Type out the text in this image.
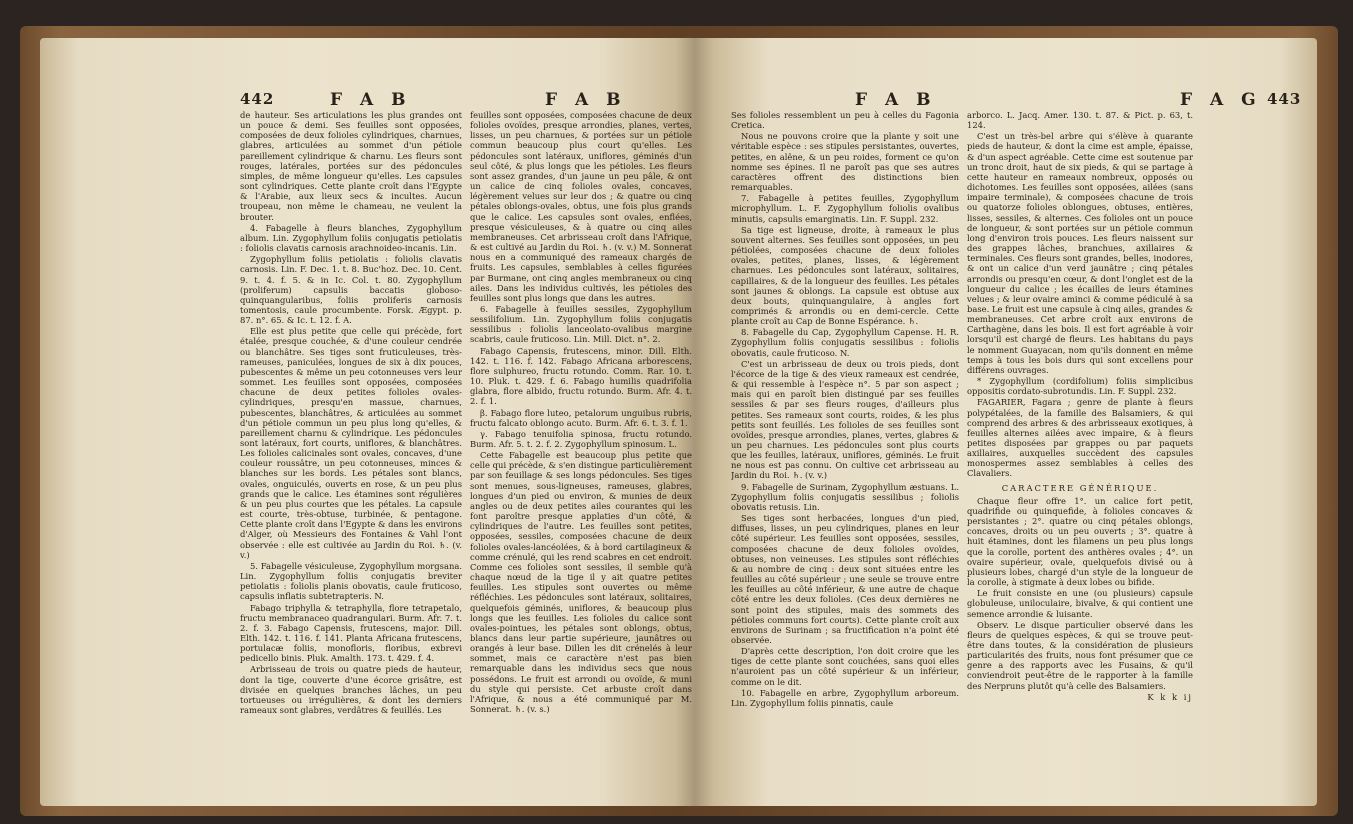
442	F A B	F A B

de hauteur. Ses articulations les plus grandes ont un pouce & demi. Ses feuilles sont opposées, composées de deux folioles cylindriques, charnues, glabres, articulées au sommet d'un pétiole pareillement cylindrique & charnu. Les fleurs sont rouges, latérales, portées sur des pédoncules simples, de même longueur qu'elles. Les capsules sont cylindriques. Cette plante croît dans l'Egypte & l'Arabie, aux lieux secs & incultes. Aucun troupeau, non même le chameau, ne veulent la brouter.

4. Fabagelle à fleurs blanches, Zygophyllum album. Lin. Zygophyllum foliis conjugatis petiolatis : foliolis clavatis carnosis arachnoideo-incanis. Lin.

Zygophyllum foliis petiolatis : foliolis clavatis carnosis. Lin. F. Dec. 1. t. 8. Buc'hoz. Dec. 10. Cent. 9. t. 4. f. 5. & in Ic. Col. t. 80. Zygophyllum (proliferum) capsulis baccatis globoso-quinquangularibus, foliis proliferis carnosis tomentosis, caule procumbente. Forsk. Ægypt. p. 87. n°. 65. & Ic. t. 12. f. A.

Elle est plus petite que celle qui précède, fort étalée, presque couchée, & d'une couleur cendrée ou blanchâtre. Ses tiges sont fruticuleuses, très-rameuses, paniculées, longues de six à dix pouces, pubescentes & même un peu cotonneuses vers leur sommet. Les feuilles sont opposées, composées chacune de deux petites folioles ovales-cylindriques, presqu'en massue, charnues, pubescentes, blanchâtres, & articulées au sommet d'un pétiole commun un peu plus long qu'elles, & pareillement charnu & cylindrique. Les pédoncules sont latéraux, fort courts, uniflores, & blanchâtres. Les folioles calicinales sont ovales, concaves, d'une couleur roussâtre, un peu cotonneuses, minces & blanches sur les bords. Les pétales sont blancs, ovales, onguiculés, ouverts en rose, & un peu plus grands que le calice. Les étamines sont régulières & un peu plus courtes que les pétales. La capsule est courte, très-obtuse, turbinée, & pentagone. Cette plante croît dans l'Egypte & dans les environs d'Alger, où Messieurs des Fontaines & Vahl l'ont observée : elle est cultivée au Jardin du Roi. ♄. (v. v.)

5. Fabagelle vésiculeuse, Zygophyllum morgsana. Lin. Zygophyllum foliis conjugatis breviter petiolatis : foliolis planis obovatis, caule fruticoso, capsulis inflatis subtetrapteris. N.

Fabago triphylla & tetraphylla, flore tetrapetalo, fructu membranaceo quadrangulari. Burm. Afr. 7. t. 2. f. 3. Fabago Capensis, frutescens, major. Dill. Elth. 142. t. 116. f. 141. Planta Africana frutescens, portulacæ foliis, monofloris, floribus, exbrevi pedicello binis. Pluk. Amalth. 173. t. 429. f. 4.

Arbrisseau de trois ou quatre pieds de hauteur, dont la tige, couverte d'une écorce grisâtre, est divisée en quelques branches lâches, un peu tortueuses ou irrégulières, & dont les derniers rameaux sont glabres, verdâtres & feuillés. Les

feuilles sont opposées, composées chacune de deux folioles ovoïdes, presque arrondies, planes, vertes, lisses, un peu charnues, & portées sur un pétiole commun beaucoup plus court qu'elles. Les pédoncules sont latéraux, uniflores, géminés d'un seul côté, & plus longs que les pétioles. Les fleurs sont assez grandes, d'un jaune un peu pâle, & ont un calice de cinq folioles ovales, concaves, légèrement velues sur leur dos ; & quatre ou cinq pétales oblongs-ovales, obtus, une fois plus grands que le calice. Les capsules sont ovales, enflées, presque vésiculeuses, & à quatre ou cinq ailes membraneuses. Cet arbrisseau croît dans l'Afrique, & est cultivé au Jardin du Roi. ♄. (v. v.) M. Sonnerat nous en a communiqué des rameaux chargés de fruits. Les capsules, semblables à celles figurées par Burmane, ont cinq angles membraneux ou cinq ailes. Dans les individus cultivés, les pétioles des feuilles sont plus longs que dans les autres.

6. Fabagelle à feuilles sessiles, Zygophyllum sessilifolium. Lin. Zygophyllum foliis conjugatis sessilibus : foliolis lanceolato-ovalibus margine scabris, caule fruticoso. Lin. Mill. Dict. n°. 2.

Fabago Capensis, frutescens, minor. Dill. Elth. 142. t. 116. f. 142. Fabago Africana arborescens, flore sulphureo, fructu rotundo. Comm. Rar. 10. t. 10. Pluk. t. 429. f. 6. Fabago humilis quadrifolia glabra, flore albido, fructu rotundo. Burm. Afr. 4. t. 2. f. 1.

β. Fabago flore luteo, petalorum unguibus rubris, fructu falcato oblongo acuto. Burm. Afr. 6. t. 3. f. 1.

γ. Fabago tenuifolia spinosa, fructu rotundo. Burm. Afr. 5. t. 2. f. 2. Zygophyllum spinosum. L.

Cette Fabagelle est beaucoup plus petite que celle qui précède, & s'en distingue particulièrement par son feuillage & ses longs pédoncules. Ses tiges sont menues, sous-ligneuses, rameuses, glabres, longues d'un pied ou environ, & munies de deux angles ou de deux petites ailes courantes qui les font paroître presque applaties d'un côté, & cylindriques de l'autre. Les feuilles sont petites, opposées, sessiles, composées chacune de deux folioles ovales-lancéolées, & à bord cartilagineux & comme crénulé, qui les rend scabres en cet endroit. Comme ces folioles sont sessiles, il semble qu'à chaque nœud de la tige il y ait quatre petites feuilles. Les stipules sont ouvertes ou même réfléchies. Les pédoncules sont latéraux, solitaires, quelquefois géminés, uniflores, & beaucoup plus longs que les feuilles. Les folioles du calice sont ovales-pointues, les pétales sont oblongs, obtus, blancs dans leur partie supérieure, jaunâtres ou orangés à leur base. Dillen les dit crénelés à leur sommet, mais ce caractère n'est pas bien remarquable dans les individus secs que nous possédons. Le fruit est arrondi ou ovoïde, & muni du style qui persiste. Cet arbuste croît dans l'Afrique, & nous a été communiqué par M. Sonnerat. ♄. (v. s.)

F A B	F A G 443

Ses folioles ressemblent un peu à celles du Fagonia Cretica.

Nous ne pouvons croire que la plante y soit une véritable espèce : ses stipules persistantes, ouvertes, petites, en alêne, & un peu roides, forment ce qu'on nomme ses épines. Il ne paroît pas que ses autres caractères offrent des distinctions bien remarquables.

7. Fabagelle à petites feuilles, Zygophyllum microphyllum. L. F. Zygophyllum foliolis ovalibus minutis, capsulis emarginatis. Lin. F. Suppl. 232.

Sa tige est ligneuse, droite, à rameaux le plus souvent alternes. Ses feuilles sont opposées, un peu pétiolées, composées chacune de deux folioles ovales, petites, planes, lisses, & légèrement charnues. Les pédoncules sont latéraux, solitaires, capillaires, & de la longueur des feuilles. Les pétales sont jaunes & oblongs. La capsule est obtuse aux deux bouts, quinquangulaire, à angles fort comprimés & arrondis ou en demi-cercle. Cette plante croît au Cap de Bonne Espérance. ♄.

8. Fabagelle du Cap, Zygophyllum Capense. H. R. Zygophyllum foliis conjugatis sessilibus : foliolis obovatis, caule fruticoso. N.

C'est un arbrisseau de deux ou trois pieds, dont l'écorce de la tige & des vieux rameaux est cendrée, & qui ressemble à l'espèce n°. 5 par son aspect ; mais qui en paroît bien distingué par ses feuilles sessiles & par ses fleurs rouges, d'ailleurs plus petites. Ses rameaux sont courts, roides, & les plus petits sont feuillés. Les folioles de ses feuilles sont ovoïdes, presque arrondies, planes, vertes, glabres & un peu charnues. Les pédoncules sont plus courts que les feuilles, latéraux, uniflores, géminés. Le fruit ne nous est pas connu. On cultive cet arbrisseau au Jardin du Roi. ♄. (v. v.)

9. Fabagelle de Surinam, Zygophyllum æstuans. L. Zygophyllum foliis conjugatis sessilibus ; foliolis obovatis retusis. Lin.

Ses tiges sont herbacées, longues d'un pied, diffuses, lisses, un peu cylindriques, planes en leur côté supérieur. Les feuilles sont opposées, sessiles, composées chacune de deux folioles ovoïdes, obtuses, non veineuses. Les stipules sont réfléchies & au nombre de cinq : deux sont situées entre les feuilles au côté supérieur ; une seule se trouve entre les feuilles au côté inférieur, & une autre de chaque côté entre les deux folioles. (Ces deux dernières ne sont point des stipules, mais des sommets des pétioles communs fort courts). Cette plante croît aux environs de Surinam ; sa fructification n'a point été observée.

D'après cette description, l'on doit croire que les tiges de cette plante sont couchées, sans quoi elles n'auroient pas un côté supérieur & un inférieur, comme on le dit.

10. Fabagelle en arbre, Zygophyllum arboreum. Lin. Zygophyllum foliis pinnatis, caule

arborco. L. Jacq. Amer. 130. t. 87. & Pict. p. 63, t. 124.

C'est un très-bel arbre qui s'élève à quarante pieds de hauteur, & dont la cime est ample, épaisse, & d'un aspect agréable. Cette cime est soutenue par un tronc droit, haut de six pieds, & qui se partage à cette hauteur en rameaux nombreux, opposés ou dichotomes. Les feuilles sont opposées, ailées (sans impaire terminale), & composées chacune de trois ou quatorze folioles oblongues, obtuses, entières, lisses, sessiles, & alternes. Ces folioles ont un pouce de longueur, & sont portées sur un pétiole commun long d'environ trois pouces. Les fleurs naissent sur des grappes lâches, branchues, axillaires & terminales. Ces fleurs sont grandes, belles, inodores, & ont un calice d'un verd jaunâtre ; cinq pétales arrondis ou presqu'en cœur, & dont l'onglet est de la longueur du calice ; les écailles de leurs étamines velues ; & leur ovaire aminci & comme pédiculé à sa base. Le fruit est une capsule à cinq ailes, grandes & membraneuses. Cet arbre croît aux environs de Carthagène, dans les bois. Il est fort agréable à voir lorsqu'il est chargé de fleurs. Les habitans du pays le nomment Guayacan, nom qu'ils donnent en même temps à tous les bois durs qui sont excellens pour différens ouvrages.

* Zygophyllum (cordifolium) foliis simplicibus oppositis cordato-subrotundis. Lin. F. Suppl. 232.

FAGARIER, Fagara ; genre de plante à fleurs polypétalées, de la famille des Balsamiers, & qui comprend des arbres & des arbrisseaux exotiques, à feuilles alternes ailées avec impaire, & à fleurs petites disposées par grappes ou par paquets axillaires, auxquelles succèdent des capsules monospermes assez semblables à celles des Clavaliers.

CARACTERE GÉNÉRIQUE.

Chaque fleur offre 1°. un calice fort petit, quadrifide ou quinquefide, à folioles concaves & persistantes ; 2°. quatre ou cinq pétales oblongs, concaves, droits ou un peu ouverts ; 3°. quatre à huit étamines, dont les filamens un peu plus longs que la corolle, portent des anthères ovales ; 4°. un ovaire supérieur, ovale, quelquefois divisé ou à plusieurs lobes, chargé d'un style de la longueur de la corolle, à stigmate à deux lobes ou bifide.

Le fruit consiste en une (ou plusieurs) capsule globuleuse, uniloculaire, bivalve, & qui contient une semence arrondie & luisante.

Observ. Le disque particulier observé dans les fleurs de quelques espèces, & qui se trouve peut-être dans toutes, & la considération de plusieurs particularités des fruits, nous font présumer que ce genre a des rapports avec les Fusains, & qu'il conviendroit peut-être de le rapporter à la famille des Nerpruns plutôt qu'à celle des Balsamiers.

K k k ij
